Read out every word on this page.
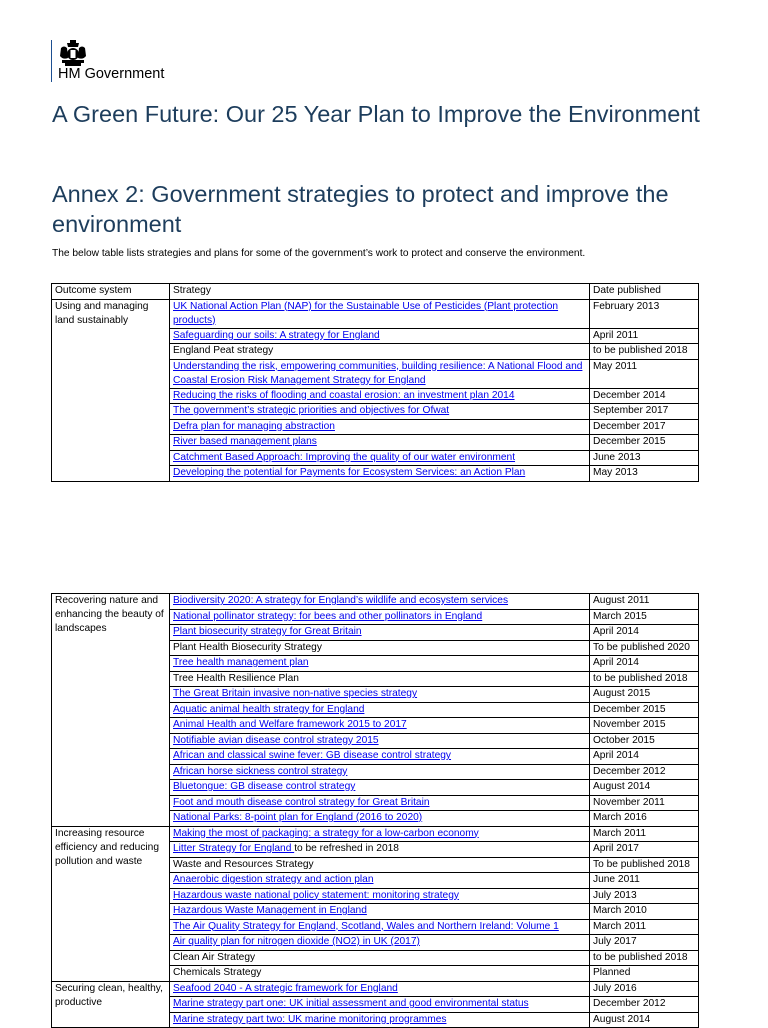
HM Government
A Green Future: Our 25 Year Plan to Improve the Environment
Annex 2: Government strategies to protect and improve the environment
The below table lists strategies and plans for some of the government’s work to protect and conserve the environment.
Outcome system	Strategy	Date published
Using and managing land sustainably	UK National Action Plan (NAP) for the Sustainable Use of Pesticides (Plant protection products)	February 2013
	Safeguarding our soils: A strategy for England	April 2011
	England Peat strategy	to be published 2018
	Understanding the risk, empowering communities, building resilience: A National Flood and Coastal Erosion Risk Management Strategy for England	May 2011
	Reducing the risks of flooding and coastal erosion: an investment plan 2014	December 2014
	The government’s strategic priorities and objectives for Ofwat	September 2017
	Defra plan for managing abstraction	December 2017
	River based management plans	December 2015
	Catchment Based Approach: Improving the quality of our water environment	June 2013
	Developing the potential for Payments for Ecosystem Services: an Action Plan	May 2013
Recovering nature and enhancing the beauty of landscapes	Biodiversity 2020: A strategy for England’s wildlife and ecosystem services	August 2011
	National pollinator strategy: for bees and other pollinators in England	March 2015
	Plant biosecurity strategy for Great Britain	April 2014
	Plant Health Biosecurity Strategy	To be published 2020
	Tree health management plan	April 2014
	Tree Health Resilience Plan	to be published 2018
	The Great Britain invasive non-native species strategy	August 2015
	Aquatic animal health strategy for England	December 2015
	Animal Health and Welfare framework 2015 to 2017	November 2015
	Notifiable avian disease control strategy 2015	October 2015
	African and classical swine fever: GB disease control strategy	April 2014
	African horse sickness control strategy	December 2012
	Bluetongue: GB disease control strategy	August 2014
	Foot and mouth disease control strategy for Great Britain	November 2011
	National Parks: 8-point plan for England (2016 to 2020)	March 2016
Increasing resource efficiency and reducing pollution and waste	Making the most of packaging: a strategy for a low-carbon economy	March 2011
	Litter Strategy for England to be refreshed in 2018	April 2017
	Waste and Resources Strategy	To be published 2018
	Anaerobic digestion strategy and action plan	June 2011
	Hazardous waste national policy statement: monitoring strategy	July 2013
	Hazardous Waste Management in England	March 2010
	The Air Quality Strategy for England, Scotland, Wales and Northern Ireland: Volume 1	March 2011
	Air quality plan for nitrogen dioxide (NO2) in UK (2017)	July 2017
	Clean Air Strategy	to be published 2018
	Chemicals Strategy	Planned
Securing clean, healthy, productive	Seafood 2040 - A strategic framework for England	July 2016
	Marine strategy part one: UK initial assessment and good environmental status	December 2012
	Marine strategy part two: UK marine monitoring programmes	August 2014
